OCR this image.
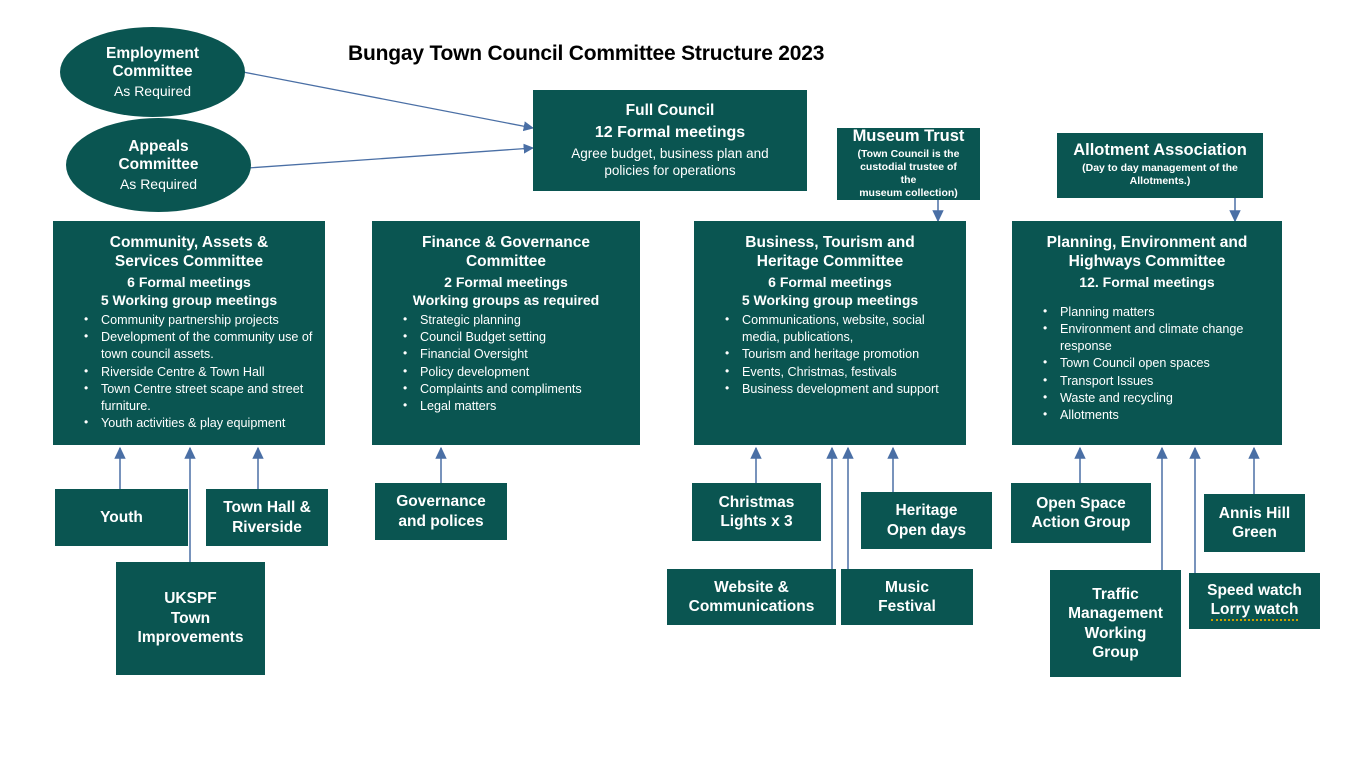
Bungay Town Council Committee Structure 2023
Employment
Committee
As Required
Appeals
Committee
As Required
Full Council
12 Formal meetings
Agree budget, business plan and
policies for operations
Museum Trust
(Town Council is the
custodial trustee of the
museum collection)
Allotment Association
(Day to day management of the
Allotments.)
Community, Assets &
Services Committee
6 Formal meetings
5 Working group meetings
• Community partnership projects
• Development of the community use of town council assets.
• Riverside Centre & Town Hall
• Town Centre street scape and street furniture.
• Youth activities & play equipment
Finance & Governance
Committee
2 Formal meetings
Working groups as required
• Strategic planning
• Council Budget setting
• Financial Oversight
• Policy development
• Complaints and compliments
• Legal matters
Business, Tourism and
Heritage Committee
6 Formal meetings
5 Working group meetings
• Communications, website, social media, publications,
• Tourism and heritage promotion
• Events, Christmas, festivals
• Business development and support
Planning, Environment and
Highways Committee
12. Formal meetings
• Planning matters
• Environment and climate change response
• Town Council open spaces
• Transport Issues
• Waste and recycling
• Allotments
Youth
Town Hall &
Riverside
UKSPF
Town
Improvements
Governance
and polices
Christmas
Lights x 3
Heritage
Open days
Website &
Communications
Music
Festival
Open Space
Action Group
Annis Hill
Green
Traffic
Management
Working
Group
Speed watch
Lorry watch
